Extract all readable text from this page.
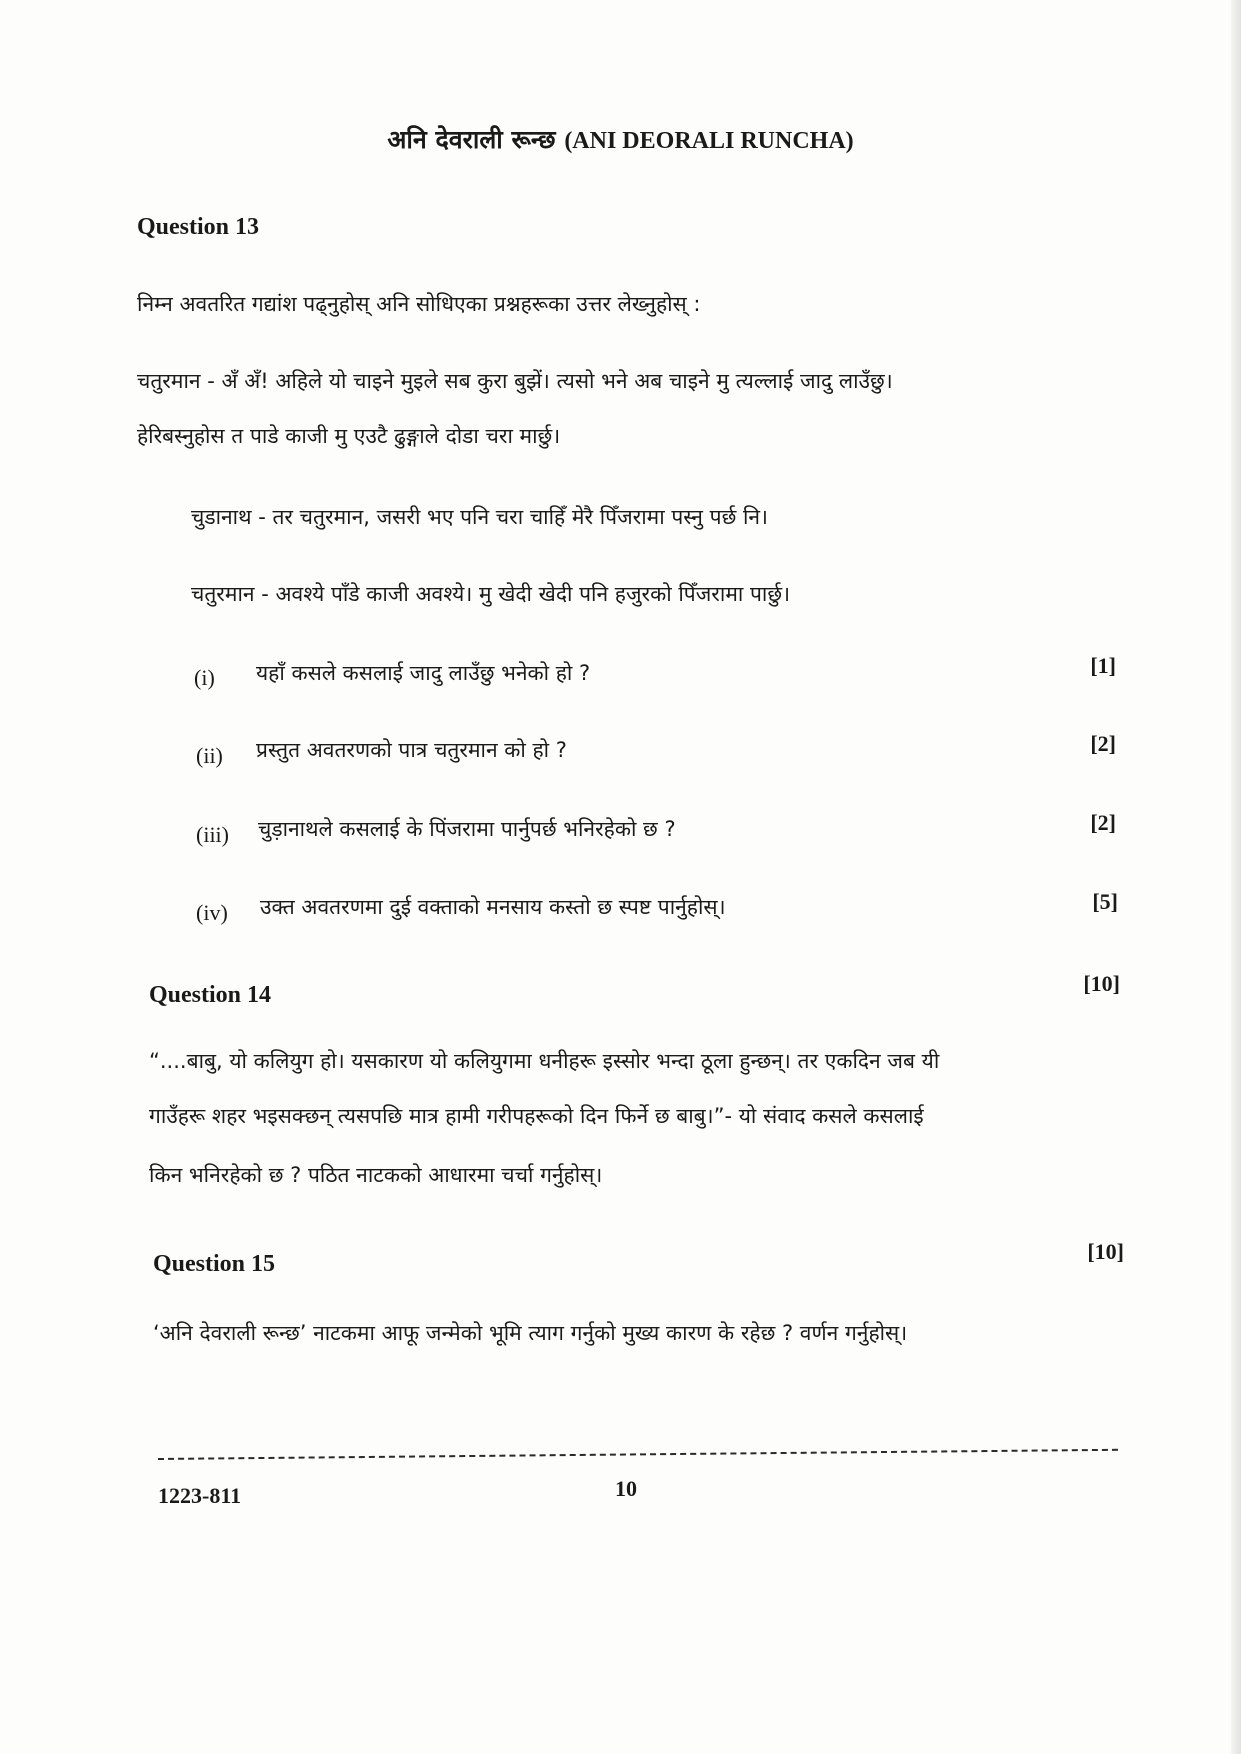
अनि देवराली रून्छ (ANI DEORALI RUNCHA)
Question 13
निम्न अवतरित गद्यांश पढ्नुहोस् अनि सोधिएका प्रश्नहरूका उत्तर लेख्नुहोस् :
चतुरमान - अँ अँ! अहिले यो चाइने मुइले सब कुरा बुझें। त्यसो भने अब चाइने मु त्यल्लाई जादु लाउँछु।
हेरिबस्नुहोस त पाडे काजी मु एउटै ढुङ्गाले दोडा चरा मार्छु।
चुडानाथ - तर चतुरमान, जसरी भए पनि चरा चाहिँ मेरै पिँजरामा पस्नु पर्छ नि।
चतुरमान - अवश्ये पाँडे काजी अवश्ये। मु खेदी खेदी पनि हजुरको पिँजरामा पार्छु।
(i) यहाँ कसले कसलाई जादु लाउँछु भनेको हो ?	[1]
(ii) प्रस्तुत अवतरणको पात्र चतुरमान को हो ?	[2]
(iii) चुड़ानाथले कसलाई के पिंजरामा पार्नुपर्छ भनिरहेको छ ?	[2]
(iv) उक्त अवतरणमा दुई वक्ताको मनसाय कस्तो छ स्पष्ट पार्नुहोस्।	[5]
Question 14	[10]
“....बाबु, यो कलियुग हो। यसकारण यो कलियुगमा धनीहरू इस्सोर भन्दा ठूला हुन्छन्। तर एकदिन जब यी
गाउँहरू शहर भइसक्छन् त्यसपछि मात्र हामी गरीपहरूको दिन फिर्ने छ बाबु।”- यो संवाद कसले कसलाई
किन भनिरहेको छ ? पठित नाटकको आधारमा चर्चा गर्नुहोस्।
Question 15	[10]
‘अनि देवराली रून्छ’ नाटकमा आफू जन्मेको भूमि त्याग गर्नुको मुख्य कारण के रहेछ ? वर्णन गर्नुहोस्।
1223-811	10
